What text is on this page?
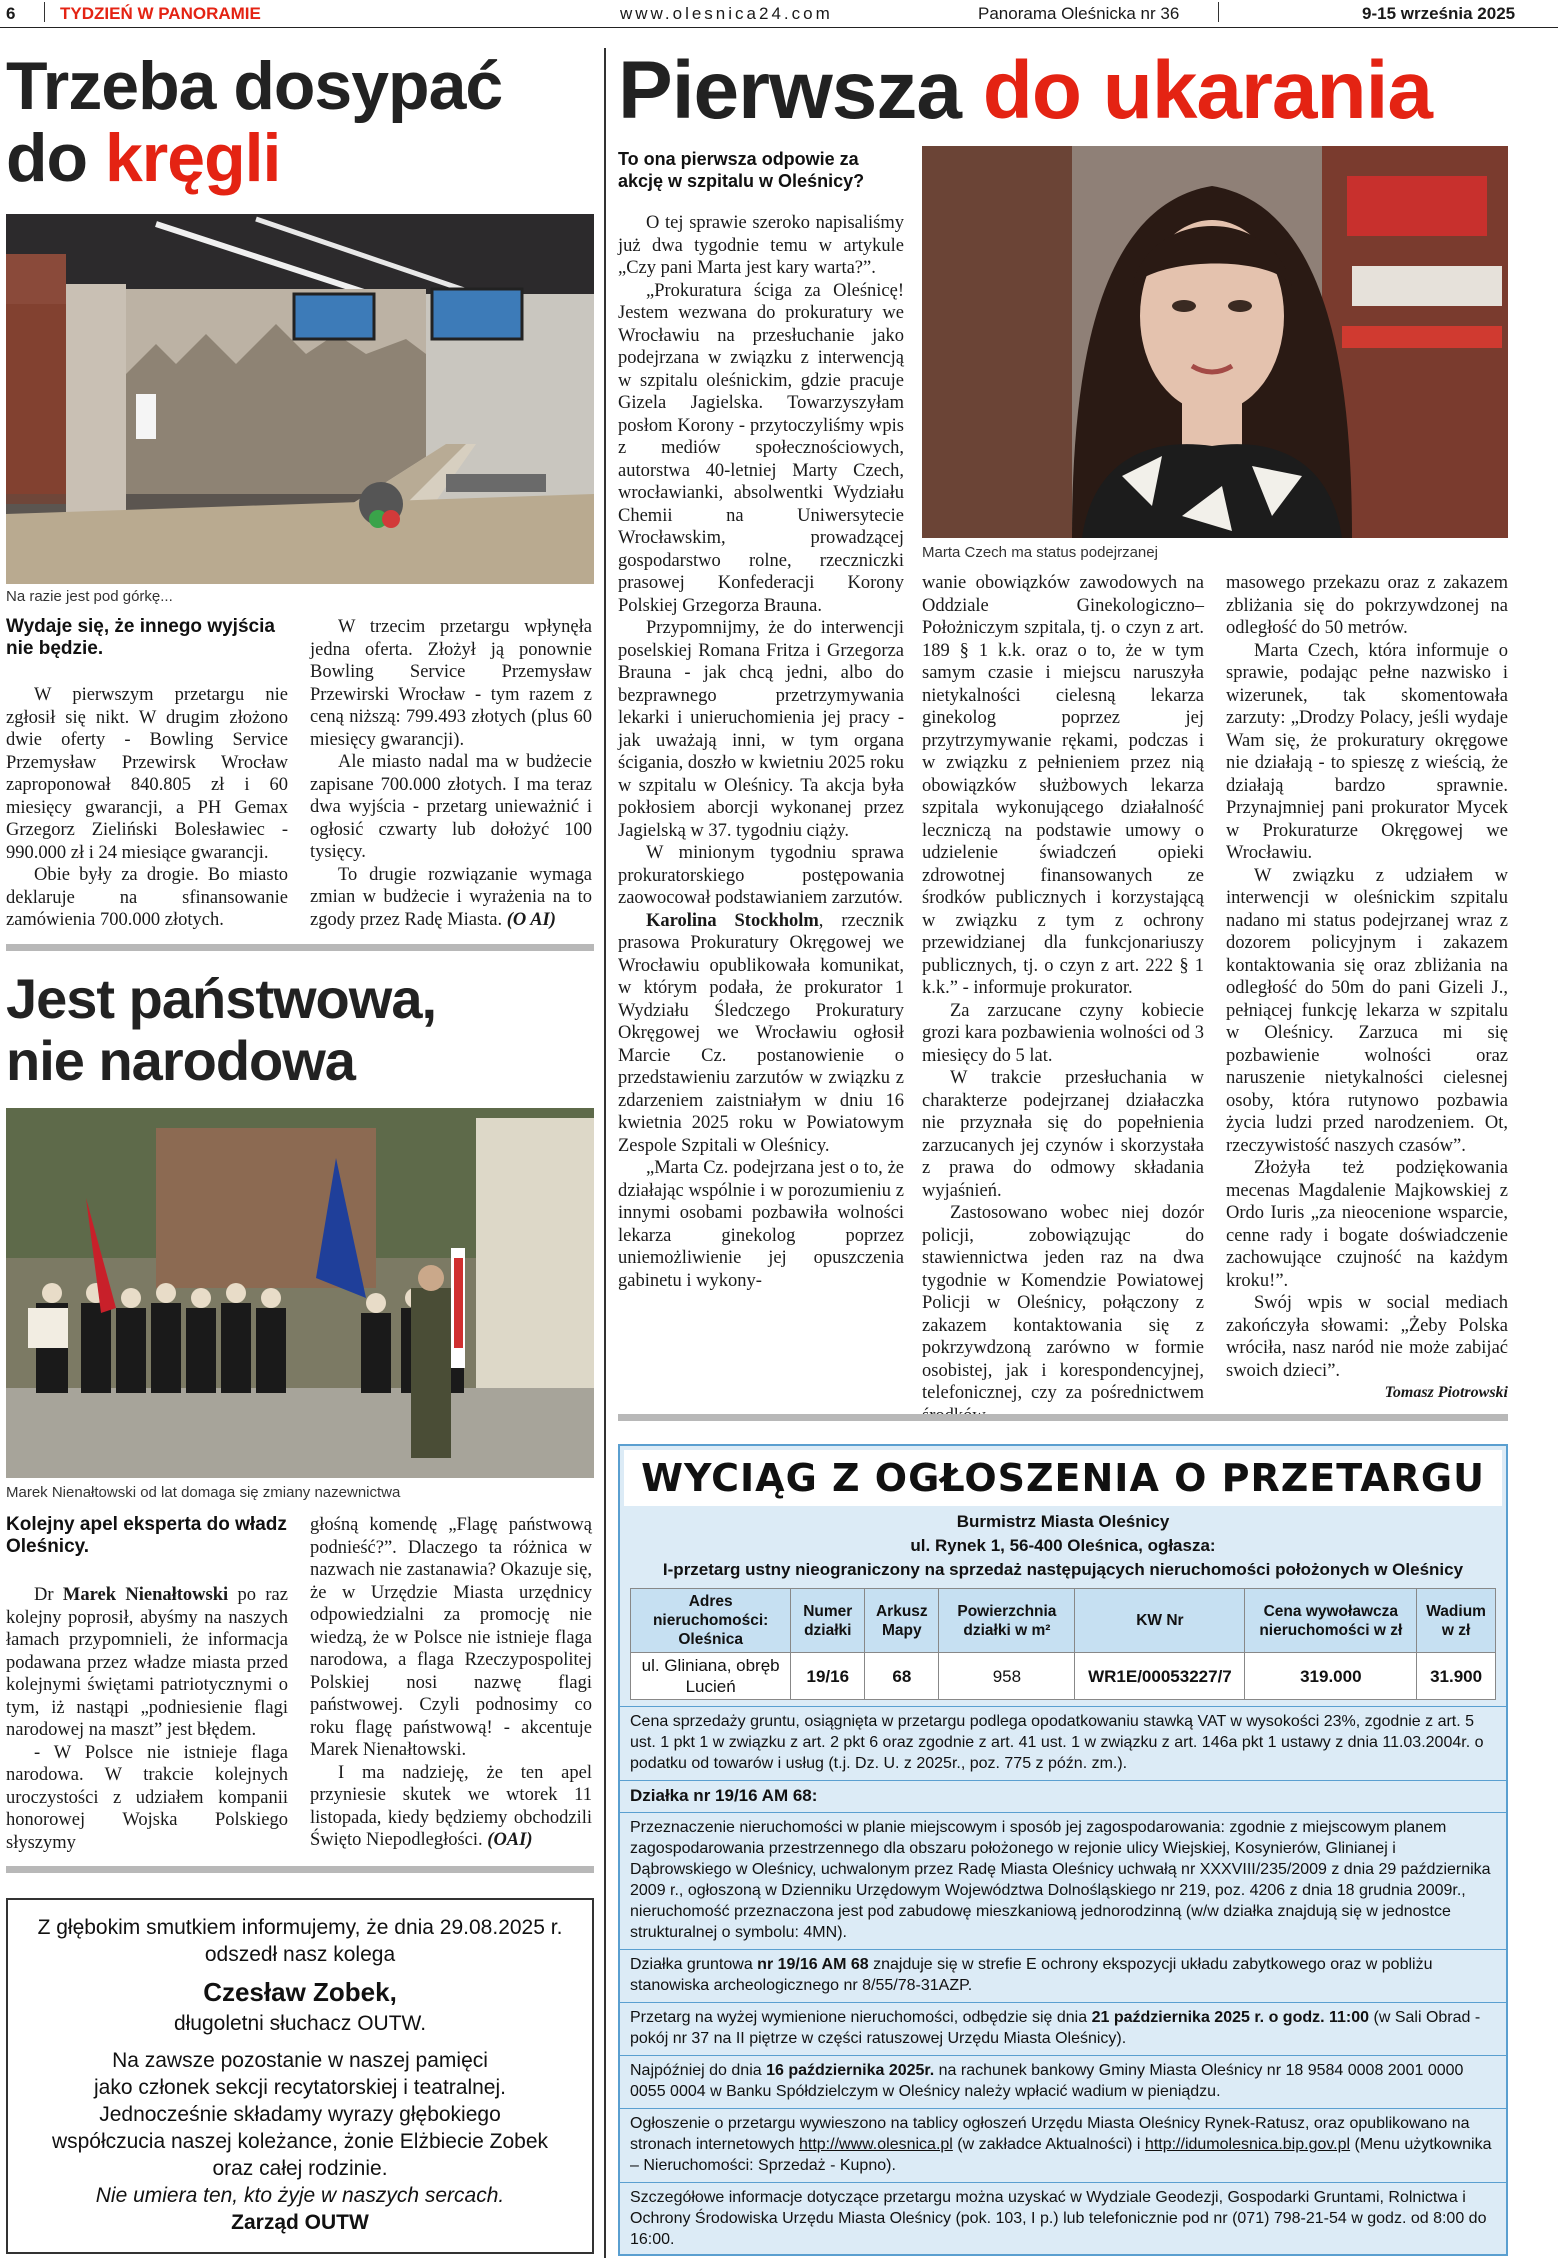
6	TYDZIEŃ W PANORAMIE	www.olesnica24.com	Panorama Oleśnicka nr 36	9-15 września 2025
Trzeba dosypać
do kręgli
Na razie jest pod górkę...
Wydaje się, że innego wyjścia nie będzie.

W pierwszym przetargu nie zgłosił się nikt. W drugim złożono dwie oferty - Bowling Service Przemysław Przewirsk Wrocław zaproponował 840.805 zł i 60 miesięcy gwarancji, a PH Gemax Grzegorz Zieliński Bolesławiec - 990.000 zł i 24 miesiące gwarancji.

Obie były za drogie. Bo miasto deklaruje na sfinansowanie zamówienia 700.000 złotych.

W trzecim przetargu wpłynęła jedna oferta. Złożył ją ponownie Bowling Service Przemysław Przewirski Wrocław - tym razem z ceną niższą: 799.493 złotych (plus 60 miesięcy gwarancji).

Ale miasto nadal ma w budżecie zapisane 700.000 złotych. I ma teraz dwa wyjścia - przetarg unieważnić i ogłosić czwarty lub dołożyć 100 tysięcy.

To drugie rozwiązanie wymaga zmian w budżecie i wyrażenia na to zgody przez Radę Miasta. (O AI)

Jest państwowa,
nie narodowa
Marek Nienałtowski od lat domaga się zmiany nazewnictwa
Kolejny apel eksperta do władz Oleśnicy.

Dr Marek Nienałtowski po raz kolejny poprosił, abyśmy na naszych łamach przypomnieli, że informacja podawana przez władze miasta przed kolejnymi świętami patriotycznymi o tym, iż nastąpi „podniesienie flagi narodowej na maszt” jest błędem.

- W Polsce nie istnieje flaga narodowa. W trakcie kolejnych uroczystości z udziałem kompanii honorowej Wojska Polskiego słyszymy

głośną komendę „Flagę państwową podnieść?”. Dlaczego ta różnica w nazwach nie zastanawia? Okazuje się, że w Urzędzie Miasta urzędnicy odpowiedzialni za promocję nie wiedzą, że w Polsce nie istnieje flaga narodowa, a flaga Rzeczypospolitej Polskiej nosi nazwę flagi państwowej. Czyli podnosimy co roku flagę państwową! - akcentuje Marek Nienałtowski.

I ma nadzieję, że ten apel przyniesie skutek we wtorek 11 listopada, kiedy będziemy obchodzili Święto Niepodległości. (OAI)

Z głębokim smutkiem informujemy, że dnia 29.08.2025 r.

odszedł nasz kolega

Czesław Zobek,

długoletni słuchacz OUTW.

Na zawsze pozostanie w naszej pamięci

jako członek sekcji recytatorskiej i teatralnej.

Jednocześnie składamy wyrazy głębokiego

współczucia naszej koleżance, żonie Elżbiecie Zobek

oraz całej rodzinie.

Nie umiera ten, kto żyje w naszych sercach.

Zarząd OUTW

Pierwsza do ukarania
To ona pierwsza odpowie za akcję w szpitalu w Oleśnicy?
Marta Czech ma status podejrzanej

O tej sprawie szeroko napisaliśmy już dwa tygodnie temu w artykule „Czy pani Marta jest kary warta?”.

„Prokuratura ściga za Oleśnicę! Jestem wezwana do prokuratury we Wrocławiu na przesłuchanie jako podejrzana w związku z interwencją w szpitalu oleśnickim, gdzie pracuje Gizela Jagielska. Towarzyszyłam posłom Korony - przytoczyliśmy wpis z mediów społecznościowych, autorstwa 40-letniej Marty Czech, wrocławianki, absolwentki Wydziału Chemii na Uniwersytecie Wrocławskim, prowadzącej gospodarstwo rolne, rzeczniczki prasowej Konfederacji Korony Polskiej Grzegorza Brauna.

Przypomnijmy, że do interwencji poselskiej Romana Fritza i Grzegorza Brauna - jak chcą jedni, albo do bezprawnego przetrzymywania lekarki i unieruchomienia jej pracy - jak uważają inni, w tym organa ścigania, doszło w kwietniu 2025 roku w szpitalu w Oleśnicy. Ta akcja była pokłosiem aborcji wykonanej przez Jagielską w 37. tygodniu ciąży.

W minionym tygodniu sprawa prokuratorskiego postępowania zaowocował podstawianiem zarzutów.

Karolina Stockholm, rzecznik prasowa Prokuratury Okręgowej we Wrocławiu opublikowała komunikat, w którym podała, że prokurator 1 Wydziału Śledczego Prokuratury Okręgowej we Wrocławiu ogłosił Marcie Cz. postanowienie o przedstawieniu zarzutów w związku z zdarzeniem zaistniałym w dniu 16 kwietnia 2025 roku w Powiatowym Zespole Szpitali w Oleśnicy.

„Marta Cz. podejrzana jest o to, że działając wspólnie i w porozumieniu z innymi osobami pozbawiła wolności lekarza ginekolog poprzez uniemożliwienie jej opuszczenia gabinetu i wykony-

wanie obowiązków zawodowych na Oddziale Ginekologiczno– Położniczym szpitala, tj. o czyn z art. 189 § 1 k.k. oraz o to, że w tym samym czasie i miejscu naruszyła nietykalności cielesną lekarza ginekolog poprzez jej przytrzymywanie rękami, podczas i w związku z pełnieniem przez nią obowiązków służbowych lekarza szpitala wykonującego działalność leczniczą na podstawie umowy o udzielenie świadczeń opieki zdrowotnej finansowanych ze środków publicznych i korzystającą w związku z tym z ochrony przewidzianej dla funkcjonariuszy publicznych, tj. o czyn z art. 222 § 1 k.k.” - informuje prokurator.

Za zarzucane czyny kobiecie grozi kara pozbawienia wolności od 3 miesięcy do 5 lat.

W trakcie przesłuchania w charakterze podejrzanej działaczka nie przyznała się do popełnienia zarzucanych jej czynów i skorzystała z prawa do odmowy składania wyjaśnień.

Zastosowano wobec niej dozór policji, zobowiązując do stawiennictwa jeden raz na dwa tygodnie w Komendzie Powiatowej Policji w Oleśnicy, połączony z zakazem kontaktowania się z pokrzywdzoną zarówno w formie osobistej, jak i korespondencyjnej, telefonicznej, czy za pośrednictwem

masowego przekazu oraz z zakazem zbliżania się do pokrzywdzonej na odległość do 50 metrów.

Marta Czech, która informuje o sprawie, podając pełne nazwisko i wizerunek, tak skomentowała zarzuty: „Drodzy Polacy, jeśli wydaje Wam się, że prokuratury okręgowe nie działają - to spieszę z wieścią, że działają bardzo sprawnie. Przynajmniej pani prokurator Mycek w Prokuraturze Okręgowej we Wrocławiu.

W związku z udziałem w interwencji w oleśnickim szpitalu nadano mi status podejrzanej wraz z dozorem policyjnym i zakazem kontaktowania się oraz zbliżania na odległość do 50m do pani Gizeli J., pełniącej funkcję lekarza w szpitalu w Oleśnicy. Zarzuca mi się pozbawienie wolności oraz naruszenie nietykalności cielesnej osoby, która rutynowo pozbawia życia ludzi przed narodzeniem. Ot, rzeczywistość naszych czasów”.

Złożyła też podziękowania mecenas Magdalenie Majkowskiej z Ordo Iuris „za nieocenione wsparcie, cenne rady i bogate doświadczenie zachowujące czujność na każdym kroku!”.

Swój wpis w social mediach zakończyła słowami: „Żeby Polska wróciła, nasz naród nie może zabijać swoich dzieci”.

Tomasz Piotrowski
WYCIĄG Z OGŁOSZENIA O PRZETARGU
Burmistrz Miasta Oleśnicy
ul. Rynek 1, 56-400 Oleśnica, ogłasza:
I-przetarg ustny nieograniczony na sprzedaż następujących nieruchomości położonych w Oleśnicy
Adres nieruchomości: Oleśnica	Numer działki	Arkusz Mapy	Powierzchnia działki w m²	KW Nr	Cena wywoławcza nieruchomości w zł	Wadium w zł
ul. Gliniana, obręb Lucień	19/16	68	958	WR1E/00053227/7	319.000	31.900
Cena sprzedaży gruntu, osiągnięta w przetargu podlega opodatkowaniu stawką VAT w wysokości 23%, zgodnie z art. 5 ust. 1 pkt 1 w związku z art. 2 pkt 6 oraz zgodnie z art. 41 ust. 1 w związku z art. 146a pkt 1 ustawy z dnia 11.03.2004r. o podatku od towarów i usług (t.j. Dz. U. z 2025r., poz. 775 z późn. zm.).
Działka nr 19/16 AM 68:
Przeznaczenie nieruchomości w planie miejscowym i sposób jej zagospodarowania: zgodnie z miejscowym planem zagospodarowania przestrzennego dla obszaru położonego w rejonie ulicy Wiejskiej, Kosynierów, Glinianej i Dąbrowskiego w Oleśnicy, uchwalonym przez Radę Miasta Oleśnicy uchwałą nr XXXVIII/235/2009 z dnia 29 października 2009 r., ogłoszoną w Dzienniku Urzędowym Województwa Dolnośląskiego nr 219, poz. 4206 z dnia 18 grudnia 2009r., nieruchomość przeznaczona jest pod zabudowę mieszkaniową jednorodzinną (w/w działka znajdują się w jednostce strukturalnej o symbolu: 4MN).
Działka gruntowa nr 19/16 AM 68 znajduje się w strefie E ochrony ekspozycji układu zabytkowego oraz w pobliżu stanowiska archeologicznego nr 8/55/78-31AZP.
Przetarg na wyżej wymienione nieruchomości, odbędzie się dnia 21 października 2025 r. o godz. 11:00 (w Sali Obrad - pokój nr 37 na II piętrze w części ratuszowej Urzędu Miasta Oleśnicy).
Najpóźniej do dnia 16 października 2025r. na rachunek bankowy Gminy Miasta Oleśnicy nr 18 9584 0008 2001 0000 0055 0004 w Banku Spółdzielczym w Oleśnicy należy wpłacić wadium w pieniądzu.
Ogłoszenie o przetargu wywieszono na tablicy ogłoszeń Urzędu Miasta Oleśnicy Rynek-Ratusz, oraz opublikowano na stronach internetowych http://www.olesnica.pl (w zakładce Aktualności) i http://idumolesnica.bip.gov.pl (Menu użytkownika – Nieruchomości: Sprzedaż - Kupno).
Szczegółowe informacje dotyczące przetargu można uzyskać w Wydziale Geodezji, Gospodarki Gruntami, Rolnictwa i Ochrony Środowiska Urzędu Miasta Oleśnicy (pok. 103, I p.) lub telefonicznie pod nr (071) 798-21-54 w godz. od 8:00 do 16:00.
